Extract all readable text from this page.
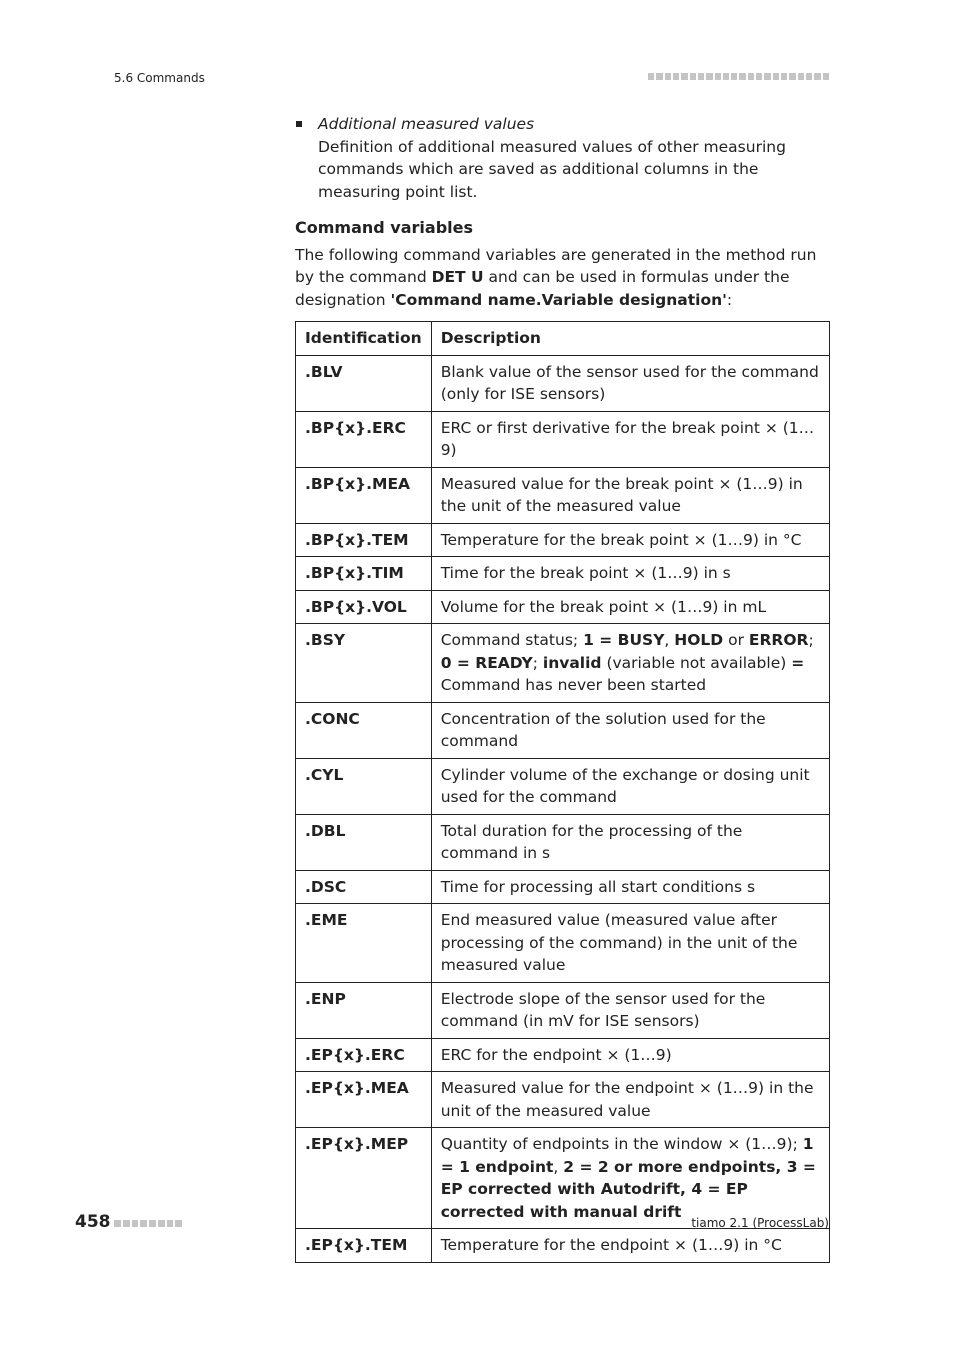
5.6 Commands
Additional measured values
Definition of additional measured values of other measuring commands which are saved as additional columns in the measuring point list.
Command variables

The following command variables are generated in the method run by the command DET U and can be used in formulas under the designation 'Command name.Variable designation':

Identification	Description
.BLV	Blank value of the sensor used for the command (only for ISE sensors)
.BP{x}.ERC	ERC or first derivative for the break point × (1…9)
.BP{x}.MEA	Measured value for the break point × (1…9) in the unit of the measured value
.BP{x}.TEM	Temperature for the break point × (1…9) in °C
.BP{x}.TIM	Time for the break point × (1…9) in s
.BP{x}.VOL	Volume for the break point × (1…9) in mL
.BSY	Command status; 1 = BUSY, HOLD or ERROR; 0 = READY; invalid (variable not available) = Command has never been started
.CONC	Concentration of the solution used for the command
.CYL	Cylinder volume of the exchange or dosing unit used for the command
.DBL	Total duration for the processing of the command in s
.DSC	Time for processing all start conditions s
.EME	End measured value (measured value after processing of the command) in the unit of the measured value
.ENP	Electrode slope of the sensor used for the command (in mV for ISE sensors)
.EP{x}.ERC	ERC for the endpoint × (1…9)
.EP{x}.MEA	Measured value for the endpoint × (1…9) in the unit of the measured value
.EP{x}.MEP	Quantity of endpoints in the window × (1…9); 1 = 1 endpoint, 2 = 2 or more endpoints, 3 = EP corrected with Autodrift, 4 = EP corrected with manual drift
.EP{x}.TEM	Temperature for the endpoint × (1…9) in °C
458	tiamo 2.1 (ProcessLab)
